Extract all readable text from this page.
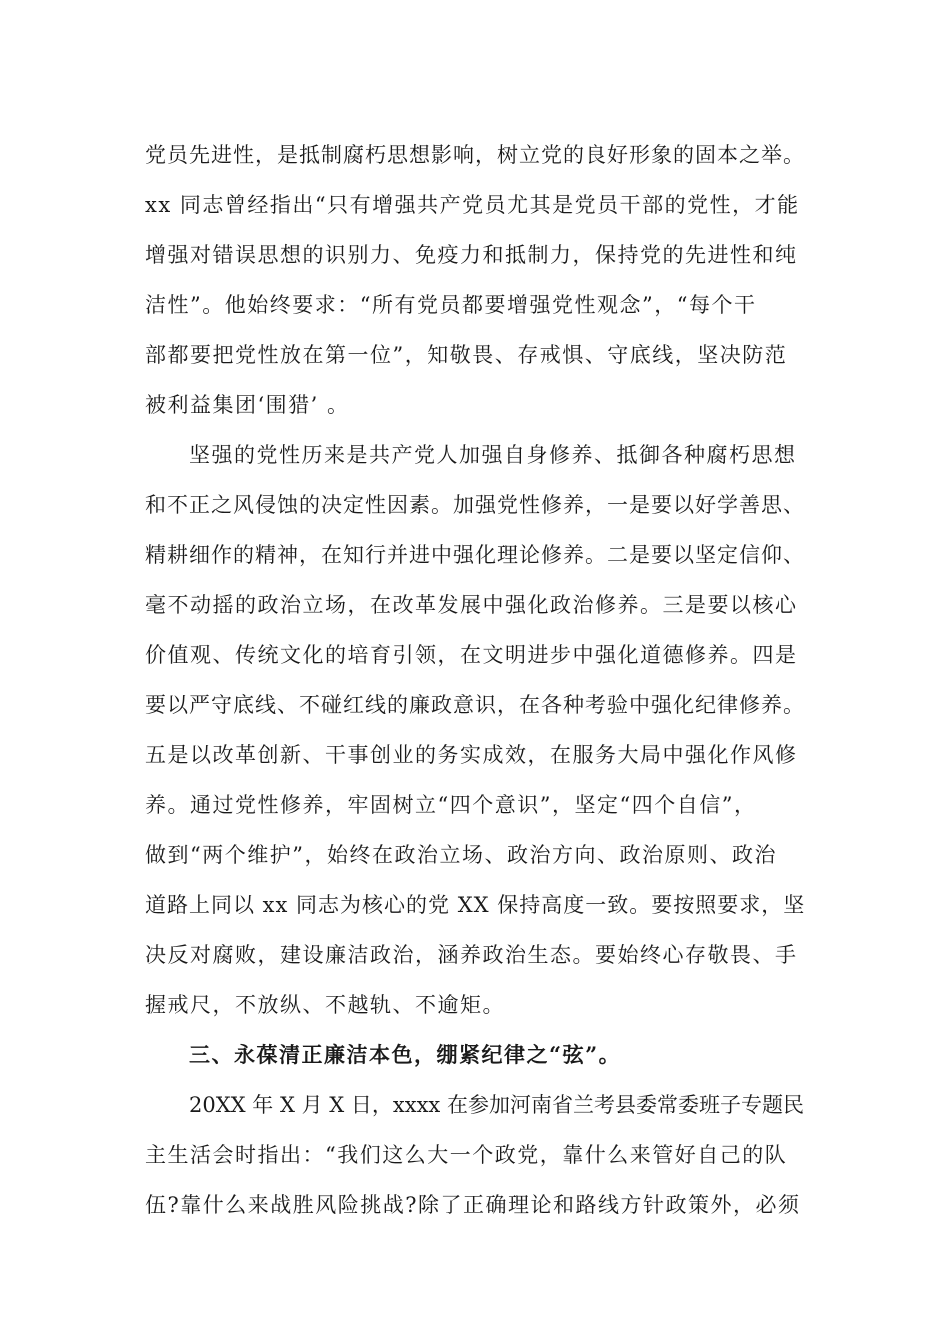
党员先进性，是抵制腐朽思想影响，树立党的良好形象的固本之举。
xx 同志曾经指出“只有增强共产党员尤其是党员干部的党性，才能
增强对错误思想的识别力、免疫力和抵制力，保持党的先进性和纯
洁性”。他始终要求：“所有党员都要增强党性观念”，“每个干
部都要把党性放在第一位”，知敬畏、存戒惧、守底线，坚决防范
被利益集团‘围猎’ 。
坚强的党性历来是共产党人加强自身修养、抵御各种腐朽思想
和不正之风侵蚀的决定性因素。加强党性修养，一是要以好学善思、
精耕细作的精神，在知行并进中强化理论修养。二是要以坚定信仰、
毫不动摇的政治立场，在改革发展中强化政治修养。三是要以核心
价值观、传统文化的培育引领，在文明进步中强化道德修养。四是
要以严守底线、不碰红线的廉政意识，在各种考验中强化纪律修养。
五是以改革创新、干事创业的务实成效，在服务大局中强化作风修
养。通过党性修养，牢固树立“四个意识”，坚定“四个自信”，
做到“两个维护”，始终在政治立场、政治方向、政治原则、政治
道路上同以 xx 同志为核心的党 XX 保持高度一致。要按照要求，坚
决反对腐败，建设廉洁政治，涵养政治生态。要始终心存敬畏、手
握戒尺，不放纵、不越轨、不逾矩。
三、永葆清正廉洁本色，绷紧纪律之“弦”。
20XX 年 X 月 X 日，xxxx 在参加河南省兰考县委常委班子专题民
主生活会时指出：“我们这么大一个政党，靠什么来管好自己的队
伍?靠什么来战胜风险挑战?除了正确理论和路线方针政策外，必须
